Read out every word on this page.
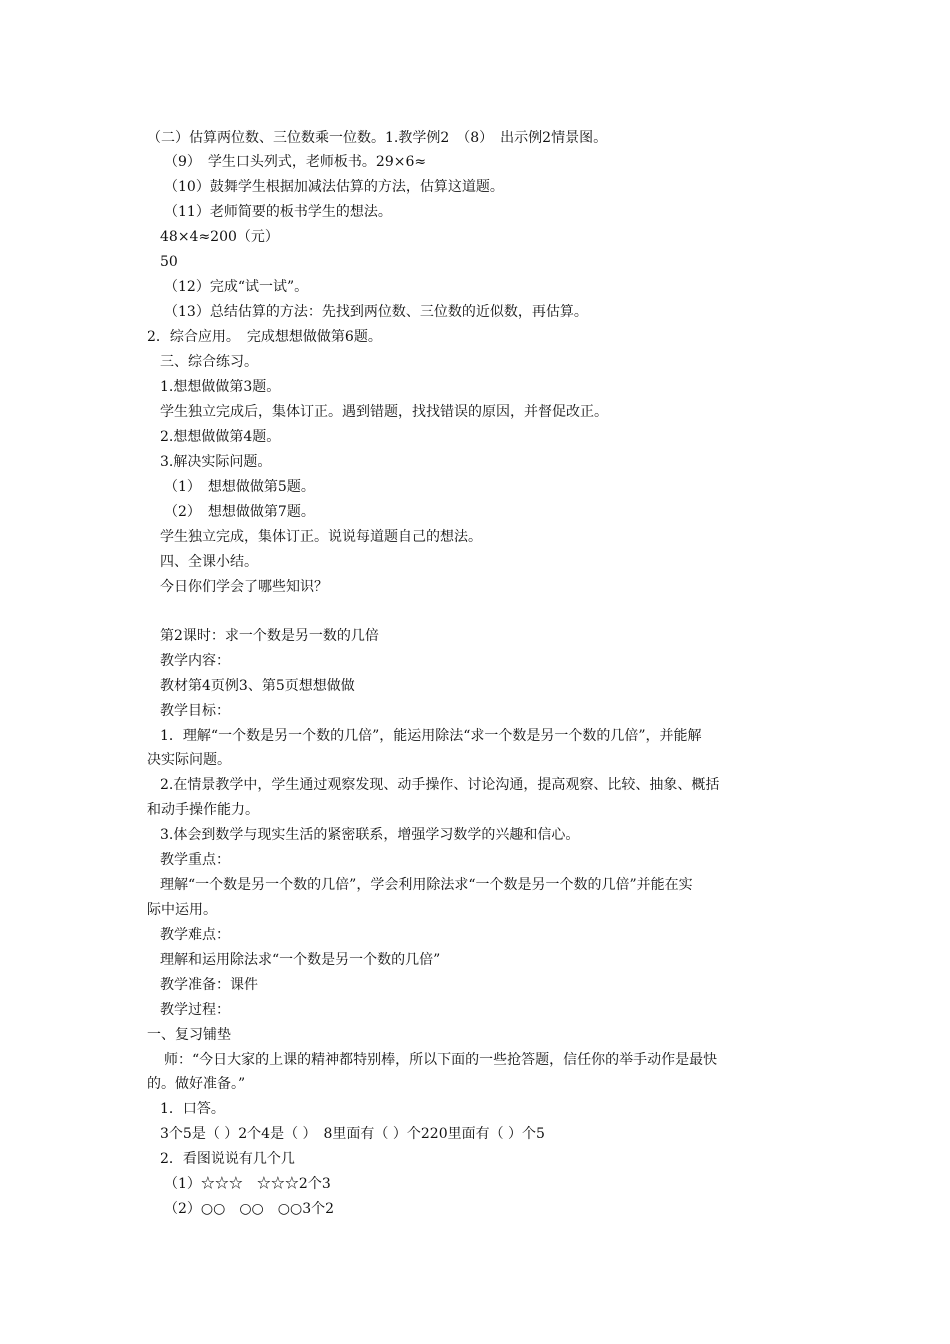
（二）估算两位数、三位数乘一位数。1.教学例2　（8）　出示例2情景图。
（9）　学生口头列式，老师板书。29×6≈
（10）鼓舞学生根据加减法估算的方法，估算这道题。
（11）老师简要的板书学生的想法。
48×4≈200（元）
50
（12）完成“试一试”。
（13）总结估算的方法：先找到两位数、三位数的近似数，再估算。
2．综合应用。　完成想想做做第6题。
三、综合练习。
1.想想做做第3题。
学生独立完成后，集体订正。遇到错题，找找错误的原因，并督促改正。
2.想想做做第4题。
3.解决实际问题。
（1）　想想做做第5题。
（2）　想想做做第7题。
学生独立完成，集体订正。说说每道题自己的想法。
四、全课小结。
今日你们学会了哪些知识？
第2课时：求一个数是另一数的几倍
教学内容：
教材第4页例3、第5页想想做做
教学目标：
1．理解“一个数是另一个数的几倍”，能运用除法“求一个数是另一个数的几倍”，并能解
决实际问题。
2.在情景教学中，学生通过观察发现、动手操作、讨论沟通，提高观察、比较、抽象、概括
和动手操作能力。
3.体会到数学与现实生活的紧密联系，增强学习数学的兴趣和信心。
教学重点：
理解“一个数是另一个数的几倍”，学会利用除法求“一个数是另一个数的几倍”并能在实
际中运用。
教学难点：
理解和运用除法求“一个数是另一个数的几倍”
教学准备：课件
教学过程：
一、复习铺垫
师：“今日大家的上课的精神都特别棒，所以下面的一些抢答题，信任你的举手动作是最快
的。做好准备。”
1．口答。
3个5是（ ）2个4是（ ）　8里面有（ ）个220里面有（ ）个5
2．看图说说有几个几
（1）☆☆☆　☆☆☆2个3
（2）○○　○○　○○3个2
